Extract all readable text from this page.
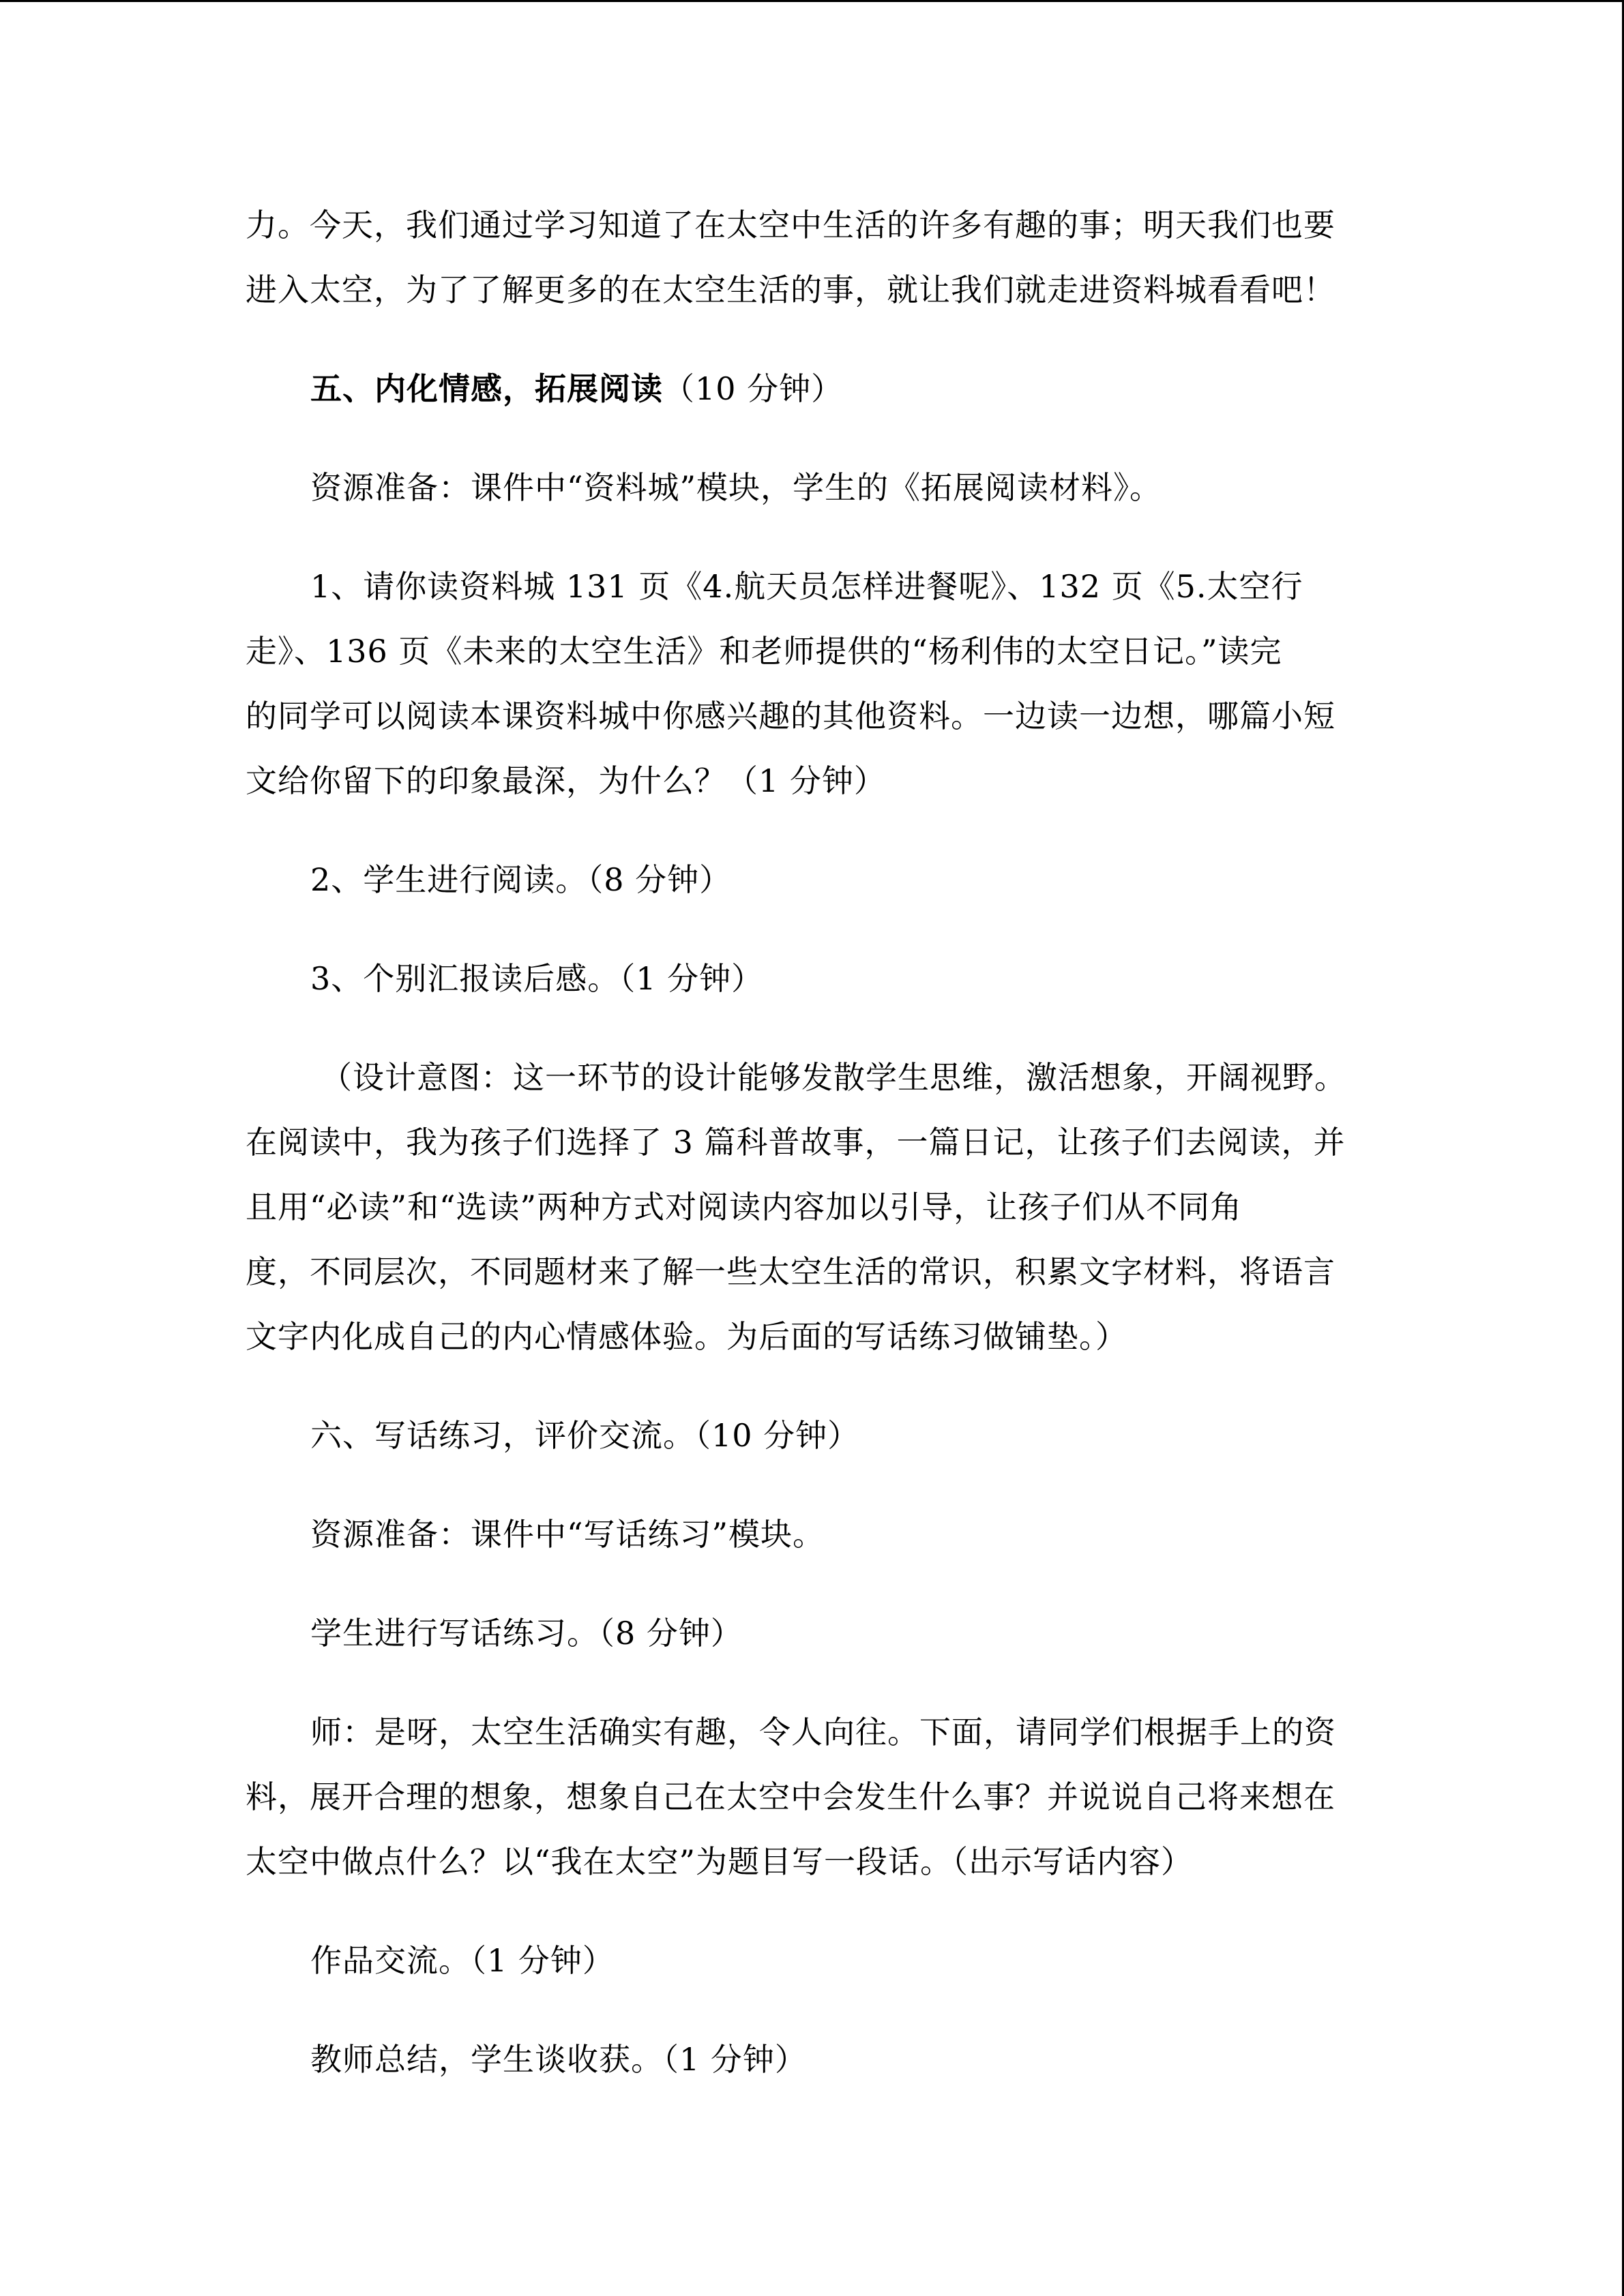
力。今天，我们通过学习知道了在太空中生活的许多有趣的事；明天我们也要
进入太空，为了了解更多的在太空生活的事，就让我们就走进资料城看看吧！
五、内化情感，拓展阅读（10 分钟）
资源准备：课件中“资料城”模块，学生的《拓展阅读材料》。
1、请你读资料城 131 页《4.航天员怎样进餐呢》、132 页《5.太空行
走》、136 页《未来的太空生活》和老师提供的“杨利伟的太空日记。”读完
的同学可以阅读本课资料城中你感兴趣的其他资料。一边读一边想，哪篇小短
文给你留下的印象最深，为什么？（1 分钟）
2、学生进行阅读。（8 分钟）
3、个别汇报读后感。（1 分钟）
（设计意图：这一环节的设计能够发散学生思维，激活想象，开阔视野。
在阅读中，我为孩子们选择了 3 篇科普故事，一篇日记，让孩子们去阅读，并
且用“必读”和“选读”两种方式对阅读内容加以引导，让孩子们从不同角
度，不同层次，不同题材来了解一些太空生活的常识，积累文字材料，将语言
文字内化成自己的内心情感体验。为后面的写话练习做铺垫。）
六、写话练习，评价交流。（10 分钟）
资源准备：课件中“写话练习”模块。
学生进行写话练习。（8 分钟）
师：是呀，太空生活确实有趣，令人向往。下面，请同学们根据手上的资
料，展开合理的想象，想象自己在太空中会发生什么事？并说说自己将来想在
太空中做点什么？以“我在太空”为题目写一段话。（出示写话内容）
作品交流。（1 分钟）
教师总结，学生谈收获。（1 分钟）
